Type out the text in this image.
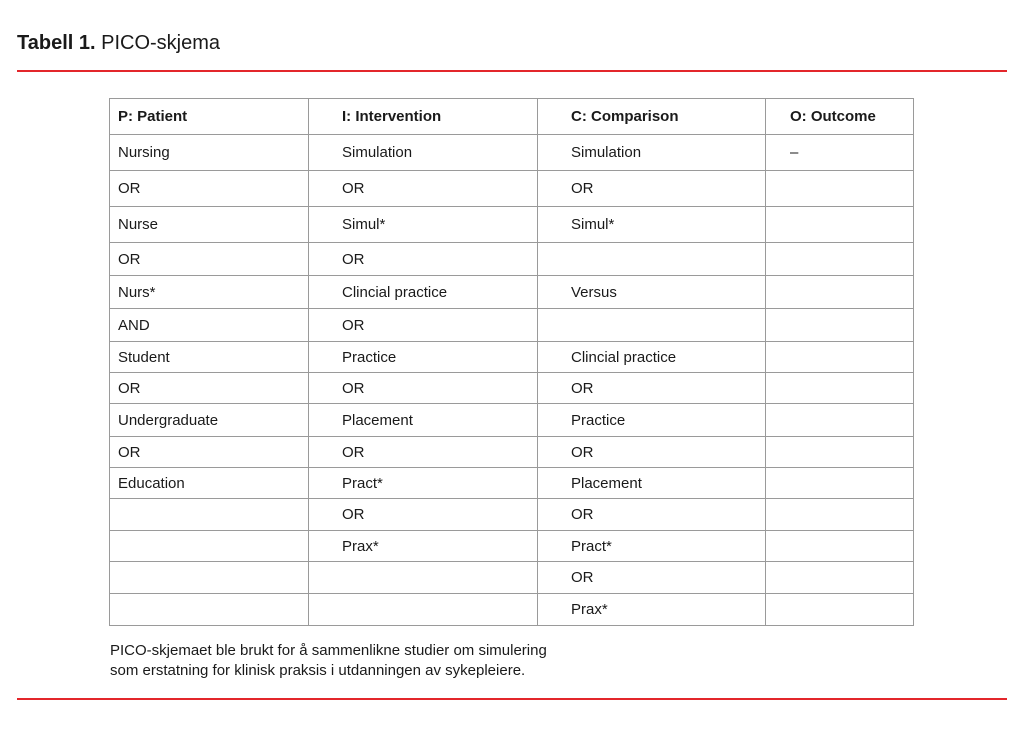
Tabell 1. PICO-skjema
P: Patient	I: Intervention	C: Comparison	O: Outcome
Nursing	Simulation	Simulation	–
OR	OR	OR	
Nurse	Simul*	Simul*	
OR	OR		
Nurs*	Clincial practice	Versus	
AND	OR		
Student	Practice	Clincial practice	
OR	OR	OR	
Undergraduate	Placement	Practice	
OR	OR	OR	
Education	Pract*	Placement	
	OR	OR	
	Prax*	Pract*	
		OR	
		Prax*	
PICO-skjemaet ble brukt for å sammenlikne studier om simulering
som erstatning for klinisk praksis i utdanningen av sykepleiere.
